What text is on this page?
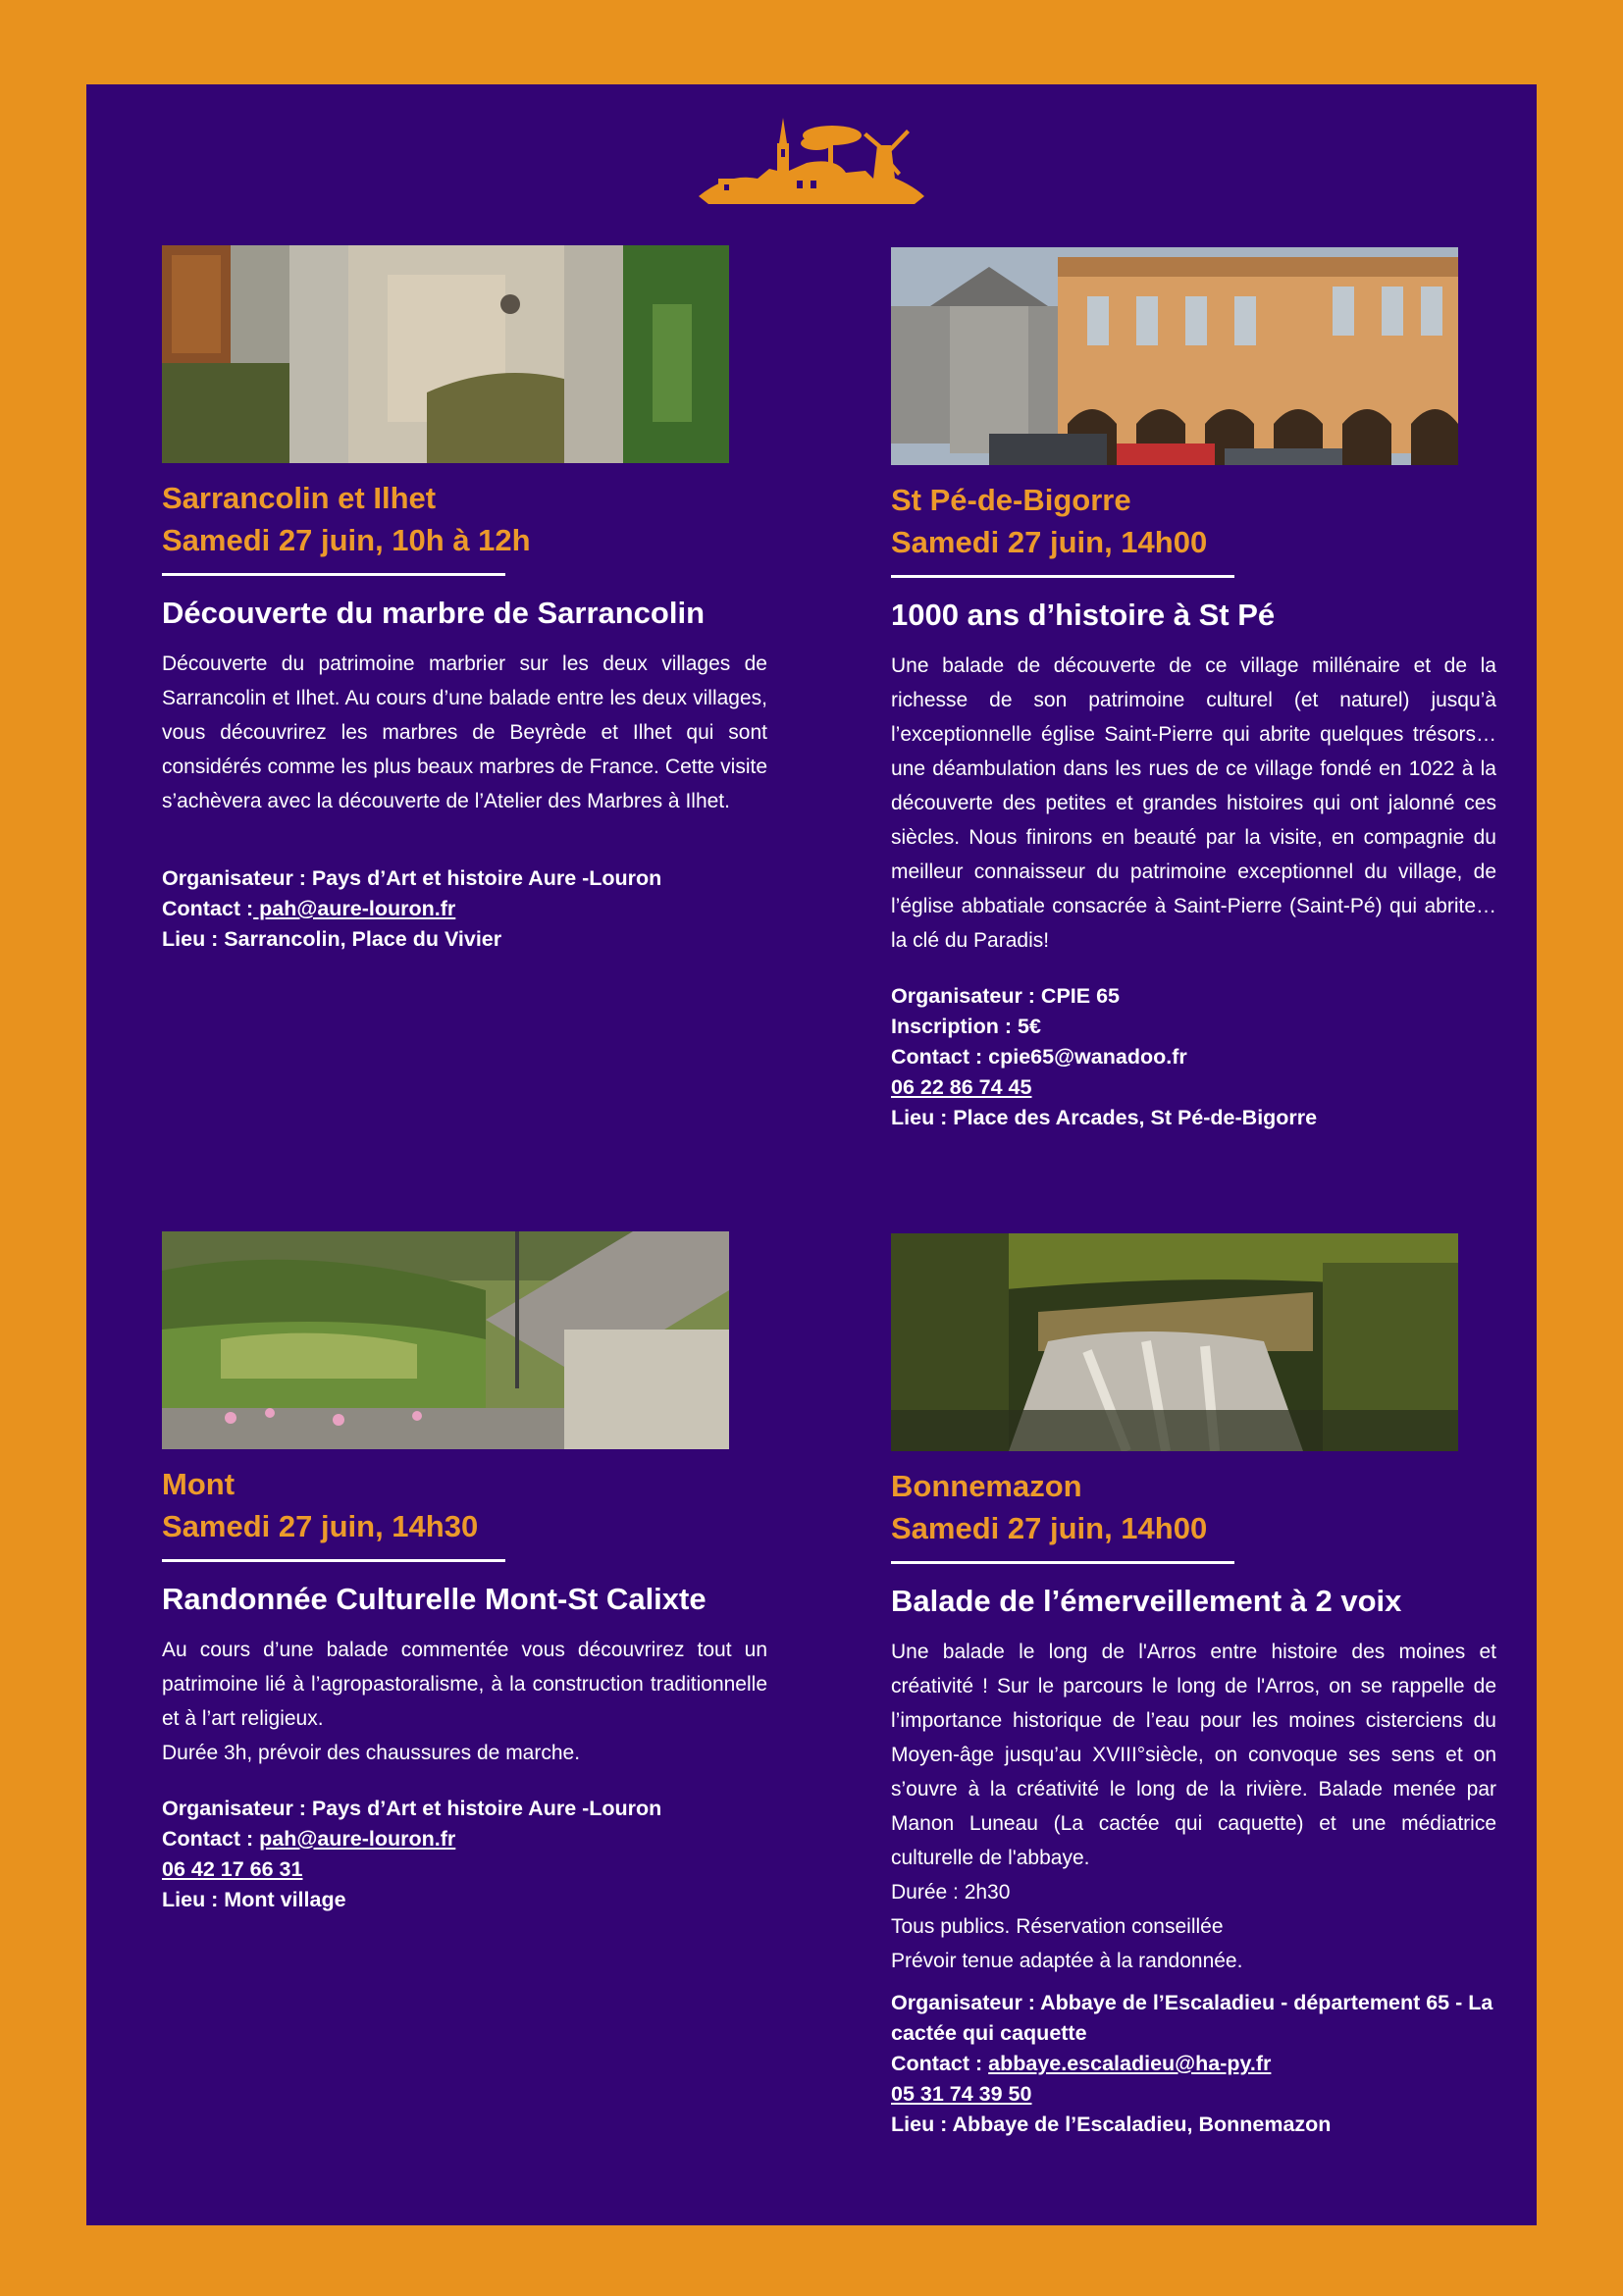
Sarrancolin et Ilhet

Samedi 27 juin, 10h à 12h

Découverte du marbre de Sarrancolin

Découverte du patrimoine marbrier sur les deux villages de Sarrancolin et Ilhet. Au cours d’une balade entre les deux villages, vous découvrirez les marbres de Beyrède et Ilhet qui sont considérés comme les plus beaux marbres de France. Cette visite s’achèvera avec la découverte de l’Atelier des Marbres à Ilhet.

Organisateur : Pays d’Art et histoire Aure -Louron
Contact : pah@aure-louron.fr
Lieu : Sarrancolin, Place du Vivier

St Pé-de-Bigorre

Samedi 27 juin, 14h00

1000 ans d’histoire à St Pé

Une balade de découverte de ce village millénaire et de la richesse de son patrimoine culturel (et naturel) jusqu’à l’exceptionnelle église Saint-Pierre qui abrite quelques trésors… une déambulation dans les rues de ce village fondé en 1022 à la découverte des petites et grandes histoires qui ont jalonné ces siècles. Nous finirons en beauté par la visite, en compagnie du meilleur connaisseur du patrimoine exceptionnel du village, de l’église abbatiale consacrée à Saint-Pierre (Saint-Pé) qui abrite… la clé du Paradis!

Organisateur : CPIE 65
Inscription : 5€
Contact : cpie65@wanadoo.fr
06 22 86 74 45
Lieu : Place des Arcades, St Pé-de-Bigorre

Mont

Samedi 27 juin, 14h30

Randonnée Culturelle Mont-St Calixte

Au cours d’une balade commentée vous découvrirez tout un patrimoine lié à l’agropastoralisme, à la construction traditionnelle et à l’art religieux.

Durée 3h, prévoir des chaussures de marche.

Organisateur : Pays d’Art et histoire Aure -Louron
Contact : pah@aure-louron.fr
06 42 17 66 31
Lieu : Mont village

Bonnemazon

Samedi 27 juin, 14h00

Balade de l’émerveillement à 2 voix

Une balade le long de l'Arros entre histoire des moines et créativité ! Sur le parcours le long de l'Arros, on se rappelle de l’importance historique de l’eau pour les moines cisterciens du Moyen-âge jusqu’au XVIII°siècle, on convoque ses sens et on s’ouvre à la créativité le long de la rivière. Balade menée par Manon Luneau (La cactée qui caquette) et une médiatrice culturelle de l'abbaye.

Durée : 2h30

Tous publics. Réservation conseillée

Prévoir tenue adaptée à la randonnée.

Organisateur : Abbaye de l’Escaladieu - département 65 - La cactée qui caquette
Contact : abbaye.escaladieu@ha-py.fr
05 31 74 39 50
Lieu : Abbaye de l’Escaladieu, Bonnemazon
